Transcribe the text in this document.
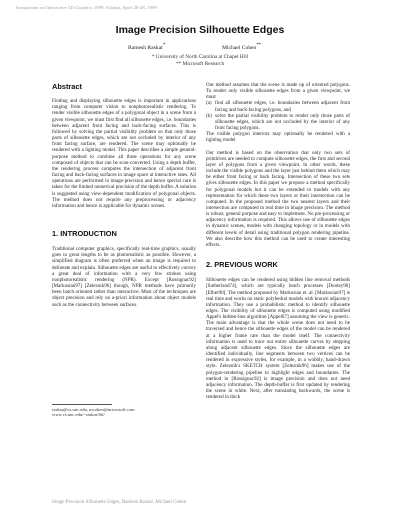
Symposium on Interactive 3D Graphics 1999, Atlanta, April 26-28, 1999
Image Precision Silhouette Edges
Ramesh Raskar*	Michael Cohen**
* University of North Carolina at Chapel Hill
** Microsoft Research
Abstract

Finding and displaying silhouette edges is important in applications ranging from computer vision to nonphotorealistic rendering. To render visible silhouette edges of a polygonal object in a scene from a given viewpoint, we must first find all silhouette edges, i.e. boundaries between adjacent front facing and back-facing surfaces. This is followed by solving the partial visibility problem so that only those parts of silhouette edges, which are not occluded by interior of any front facing surface, are rendered. The scene may optionally be rendered with a lighting model. This paper describes a simple general-purpose method to combine all three operations for any scene composed of objects that can be scan-converted. Using a depth buffer, the rendering process computes the intersection of adjacent front facing and back-facing surfaces in image space at interactive rates. All operations are performed in image-precision and hence special care is taken for the limited numerical precision of the depth buffer. A solution is suggested using view-dependent modification of polygonal objects. The method does not require any preprocessing or adjacency information and hence is applicable for dynamic scenes.

1. INTRODUCTION

Traditional computer graphics, specifically real-time graphics, usually goes to great lengths to be as photorealistic as possible. However, a simplified diagram is often preferred when an image is required to delineate and explain. Silhouette edges are useful to effectively convey a great deal of information with a very few strokes using nonphotorealistic rendering (NPR). Except [Rossignac92][Markosian97] [Zeleznik96] though, NPR methods have primarily been batch oriented rather than interactive. Most of the techniques are object precision and rely on a-priori information about object models such as the connectivity between surfaces.

raskar@cs.unc.edu, mcohen@microsoft.com
www.cs.unc.edu/~raskar/Sil/

Our method assumes that the scene is made up of oriented polygons. To render only visible silhouette edges from a given viewpoint, we must

(a) find all silhouette edges, i.e. boundaries between adjacent front facing and back-facing polygons, and
(b) solve the partial visibility problem to render only those parts of silhouette edges, which are not occluded by the interior of any front facing polygons.

The visible polygon interiors may optionally be rendered with a lighting model

Our method is based on the observation that only two sets of primitives are needed to compute silhouette edges, the first and second layer of polygons from a given viewpoint. In other words, these include the visible polygons and the layer just behind them which may be either front facing or back facing. Intersection of these two sets gives silhouette edges. In this paper we propose a method specifically for polygonal models but it can be extended to models with any representation for which these two layers or their intersection can be computed. In the proposed method the two nearest layers and their intersection are computed in real time in image precision. The method is robust, general purpose and easy to implement. No pre-processing or adjacency information is required. This allows use of silhouette edges in dynamic scenes, models with changing topology or in models with different levels of detail using traditional polygon rendering pipeline. We also describe how this method can be used to create interesting effects.

2. PREVIOUS WORK

Silhouette edges can be rendered using hidden line removal methods [Sutherland74], which are typically batch processes [Dooley90][Elber90]. The method proposed by Markosian et. al. [Markosian97] is real time and works on static polyhedral models with known adjacency information. They use a probabilistic method to identify silhouette edges. The visibility of silhouette edges is computed using modified Appel's hidden-line algorithm [Appel67] assuming the view is generic. The main advantage is that the whole scene does not need to be traversed and hence the silhouette edges of the model can be rendered at a higher frame rate than the model itself. The connectivity information is used to trace out entire silhouette curves by stepping along adjacent silhouette edges. Since the silhouette edges are identified individually, line segments between two vertices can be rendered in expressive styles, for example, in a wobbly, hand-drawn style. Zeleznik's SKETCH system [Zeleznik96] makes use of the polygon-rendering pipeline to highlight edges and boundaries. The method in [Rossignac92] is image precision and does not need adjacency information. The depth-buffer is first updated by rendering the scene in white. Next, after translating backwards, the scene is rendered in thick

Image Precision Silhouette Edges, Ramesh Raskar, Michael Cohen
